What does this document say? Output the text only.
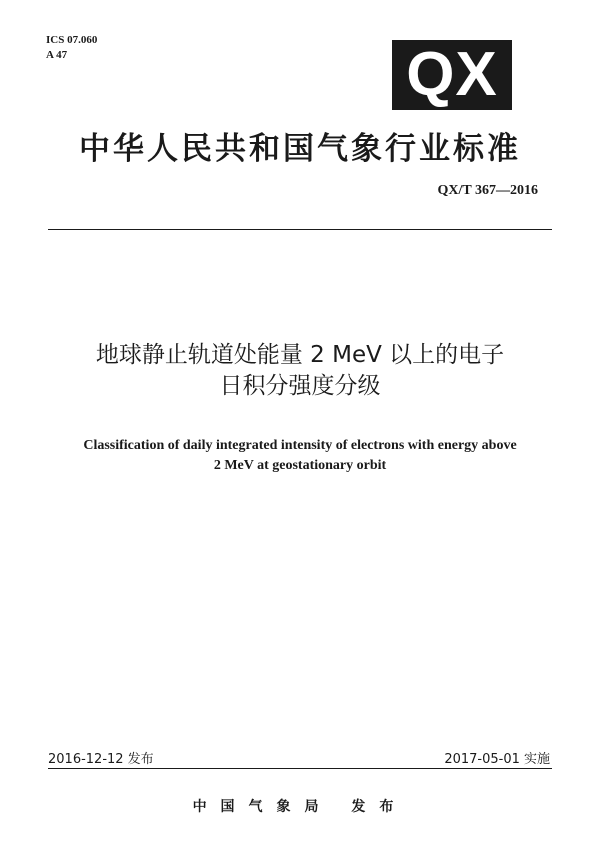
ICS 07.060
A 47	QX
中华人民共和国气象行业标准
QX/T 367—2016
地球静止轨道处能量 2 MeV 以上的电子
日积分强度分级
Classification of daily integrated intensity of electrons with energy above
2 MeV at geostationary orbit
2016-12-12 发布	2017-05-01 实施
中国气象局 发布
